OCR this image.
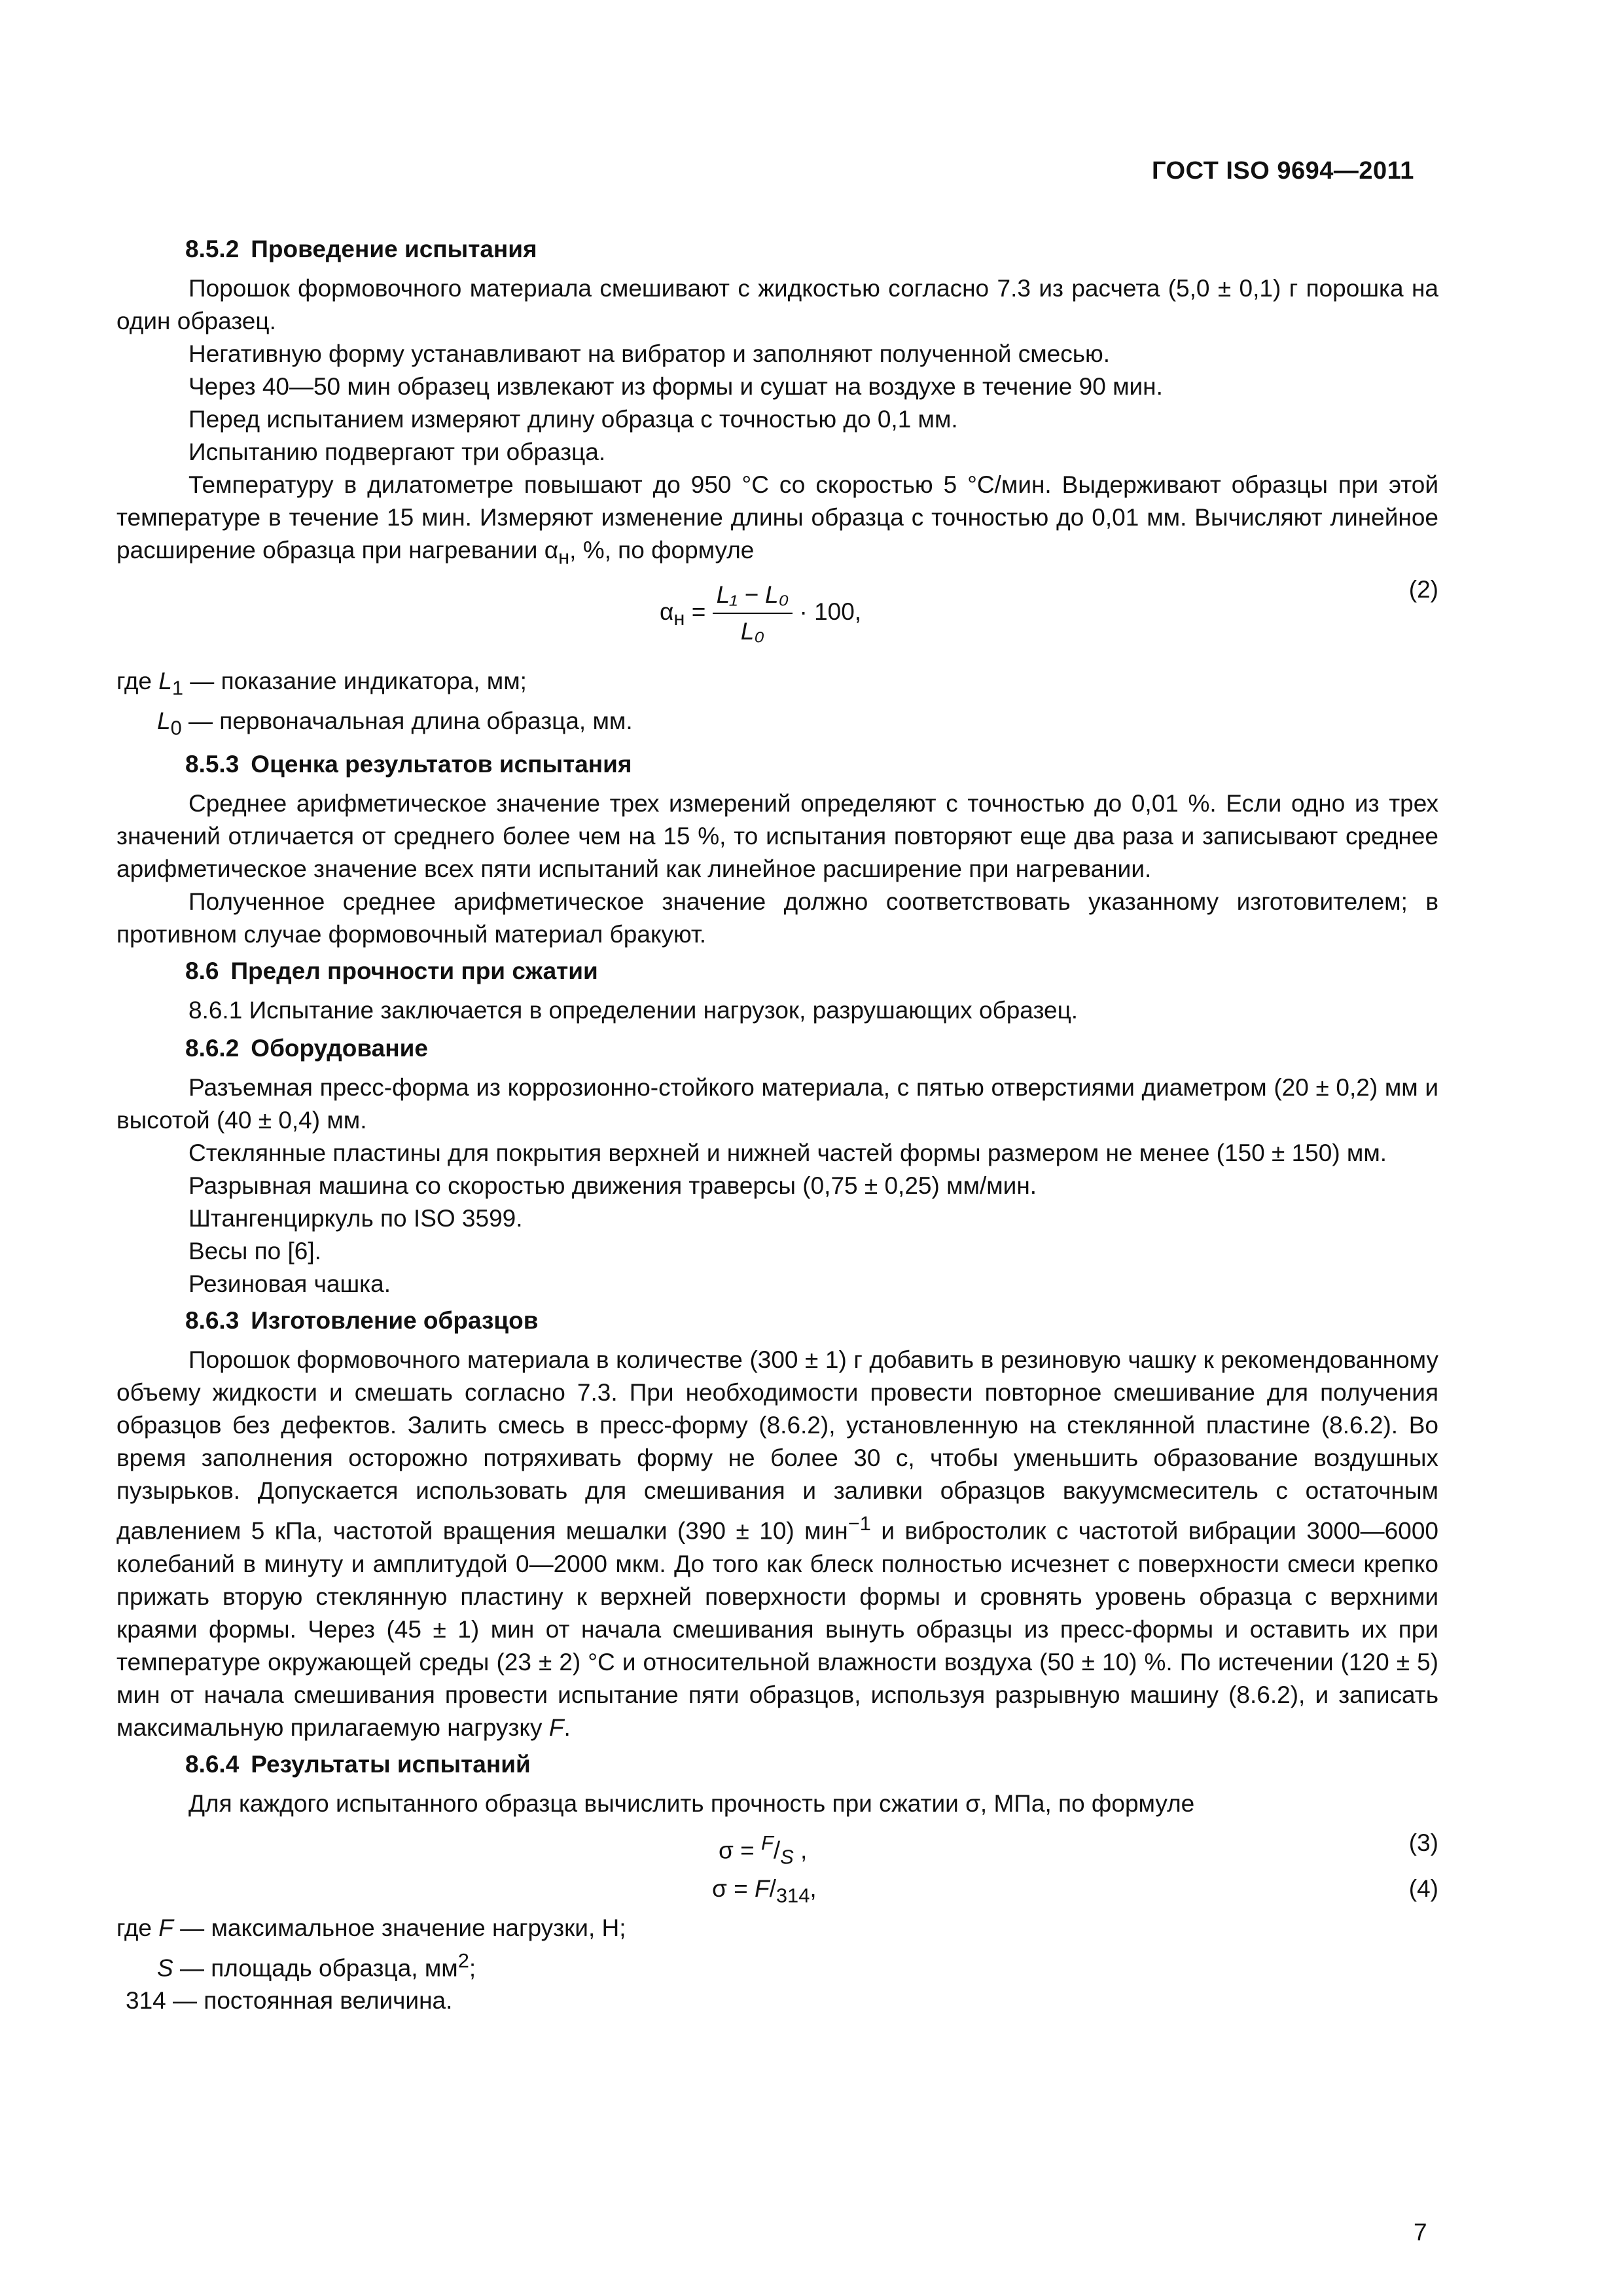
ГОСТ ISO 9694—2011
8.5.2 Проведение испытания

Порошок формовочного материала смешивают с жидкостью согласно 7.3 из расчета (5,0 ± 0,1) г порошка на один образец.

Негативную форму устанавливают на вибратор и заполняют полученной смесью.

Через 40—50 мин образец извлекают из формы и сушат на воздухе в течение 90 мин.

Перед испытанием измеряют длину образца с точностью до 0,1 мм.

Испытанию подвергают три образца.

Температуру в дилатометре повышают до 950 °С со скоростью 5 °С/мин. Выдерживают образцы при этой температуре в течение 15 мин. Измеряют изменение длины образца с точностью до 0,01 мм. Вычисляют линейное расширение образца при нагревании $\alpha_н$, %, по формуле

$\alpha_н = \frac{\text{L₁ − L₀}}{\text{L₀}} \cdot 100$,
(2)

где $L_1$ — показание индикатора, мм;

$L_0$ — первоначальная длина образца, мм.

8.5.3 Оценка результатов испытания

Среднее арифметическое значение трех измерений определяют с точностью до 0,01 %. Если одно из трех значений отличается от среднего более чем на 15 %, то испытания повторяют еще два раза и записывают среднее арифметическое значение всех пяти испытаний как линейное расширение при нагревании.

Полученное среднее арифметическое значение должно соответствовать указанному изготовителем; в противном случае формовочный материал бракуют.

8.6 Предел прочности при сжатии

8.6.1 Испытание заключается в определении нагрузок, разрушающих образец.

8.6.2 Оборудование

Разъемная пресс-форма из коррозионно-стойкого материала, с пятью отверстиями диаметром (20 ± 0,2) мм и высотой (40 ± 0,4) мм.

Стеклянные пластины для покрытия верхней и нижней частей формы размером не менее (150 ± 150) мм.

Разрывная машина со скоростью движения траверсы (0,75 ± 0,25) мм/мин.

Штангенциркуль по ISO 3599.

Весы по [6].

Резиновая чашка.

8.6.3 Изготовление образцов

Порошок формовочного материала в количестве (300 ± 1) г добавить в резиновую чашку к рекомендованному объему жидкости и смешать согласно 7.3. При необходимости провести повторное смешивание для получения образцов без дефектов. Залить смесь в пресс-форму (8.6.2), установленную на стеклянной пластине (8.6.2). Во время заполнения осторожно потряхивать форму не более 30 с, чтобы уменьшить образование воздушных пузырьков. Допускается использовать для смешивания и заливки образцов вакуумсмеситель с остаточным давлением 5 кПа, частотой вращения мешалки (390 ± 10) мин$^{-1}$ и вибростолик с частотой вибрации 3000—6000 колебаний в минуту и амплитудой 0—2000 мкм. До того как блеск полностью исчезнет с поверхности смеси крепко прижать вторую стеклянную пластину к верхней поверхности формы и сровнять уровень образца с верхними краями формы. Через (45 ± 1) мин от начала смешивания вынуть образцы из пресс-формы и оставить их при температуре окружающей среды (23 ± 2) °С и относительной влажности воздуха (50 ± 10) %. По истечении (120 ± 5) мин от начала смешивания провести испытание пяти образцов, используя разрывную машину (8.6.2), и записать максимальную прилагаемую нагрузку F.

8.6.4 Результаты испытаний

Для каждого испытанного образца вычислить прочность при сжатии σ, МПа, по формуле

$\sigma = ^F/_S$ ,	(3)
$\sigma = F/_{314}$,	(4)

где F — максимальное значение нагрузки, Н;

S — площадь образца, $мм^2$;

314 — постоянная величина.

7
